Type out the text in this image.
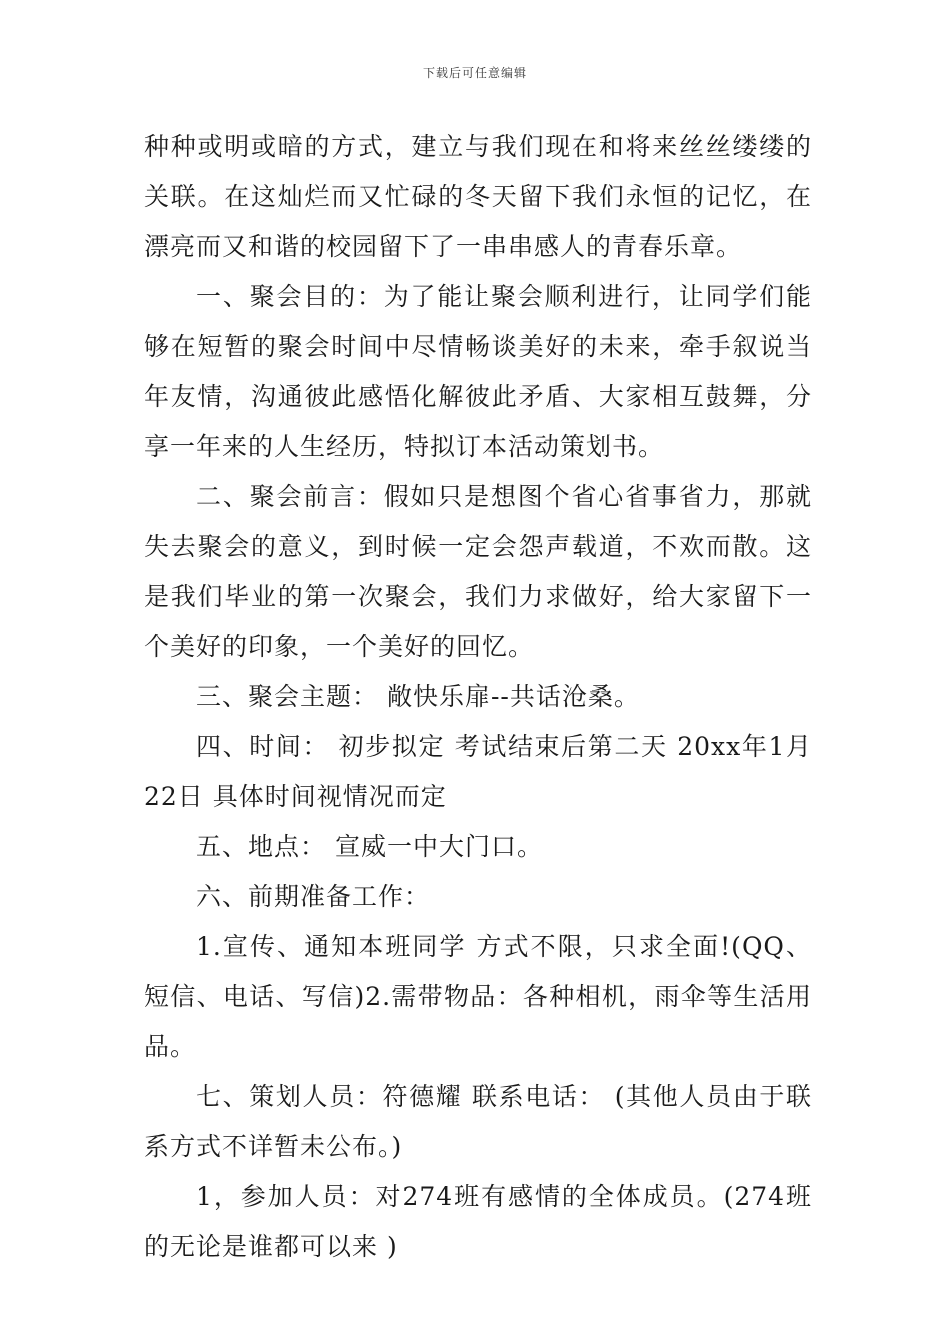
下载后可任意编辑

种种或明或暗的方式，建立与我们现在和将来丝丝缕缕的关联。在这灿烂而又忙碌的冬天留下我们永恒的记忆，在漂亮而又和谐的校园留下了一串串感人的青春乐章。

一、聚会目的：为了能让聚会顺利进行，让同学们能够在短暂的聚会时间中尽情畅谈美好的未来，牵手叙说当年友情，沟通彼此感悟化解彼此矛盾、大家相互鼓舞，分享一年来的人生经历，特拟订本活动策划书。

二、聚会前言：假如只是想图个省心省事省力，那就失去聚会的意义，到时候一定会怨声载道，不欢而散。这是我们毕业的第一次聚会，我们力求做好，给大家留下一个美好的印象，一个美好的回忆。

三、聚会主题： 敞快乐扉--共话沧桑。

四、时间： 初步拟定 考试结束后第二天 20xx年1月22日 具体时间视情况而定

五、地点： 宣威一中大门口。

六、前期准备工作：

1.宣传、通知本班同学 方式不限，只求全面!(QQ、短信、电话、写信)2.需带物品：各种相机，雨伞等生活用品。

七、策划人员：符德耀 联系电话： (其他人员由于联系方式不详暂未公布。)

1，参加人员：对274班有感情的全体成员。(274班的无论是谁都可以来 )
